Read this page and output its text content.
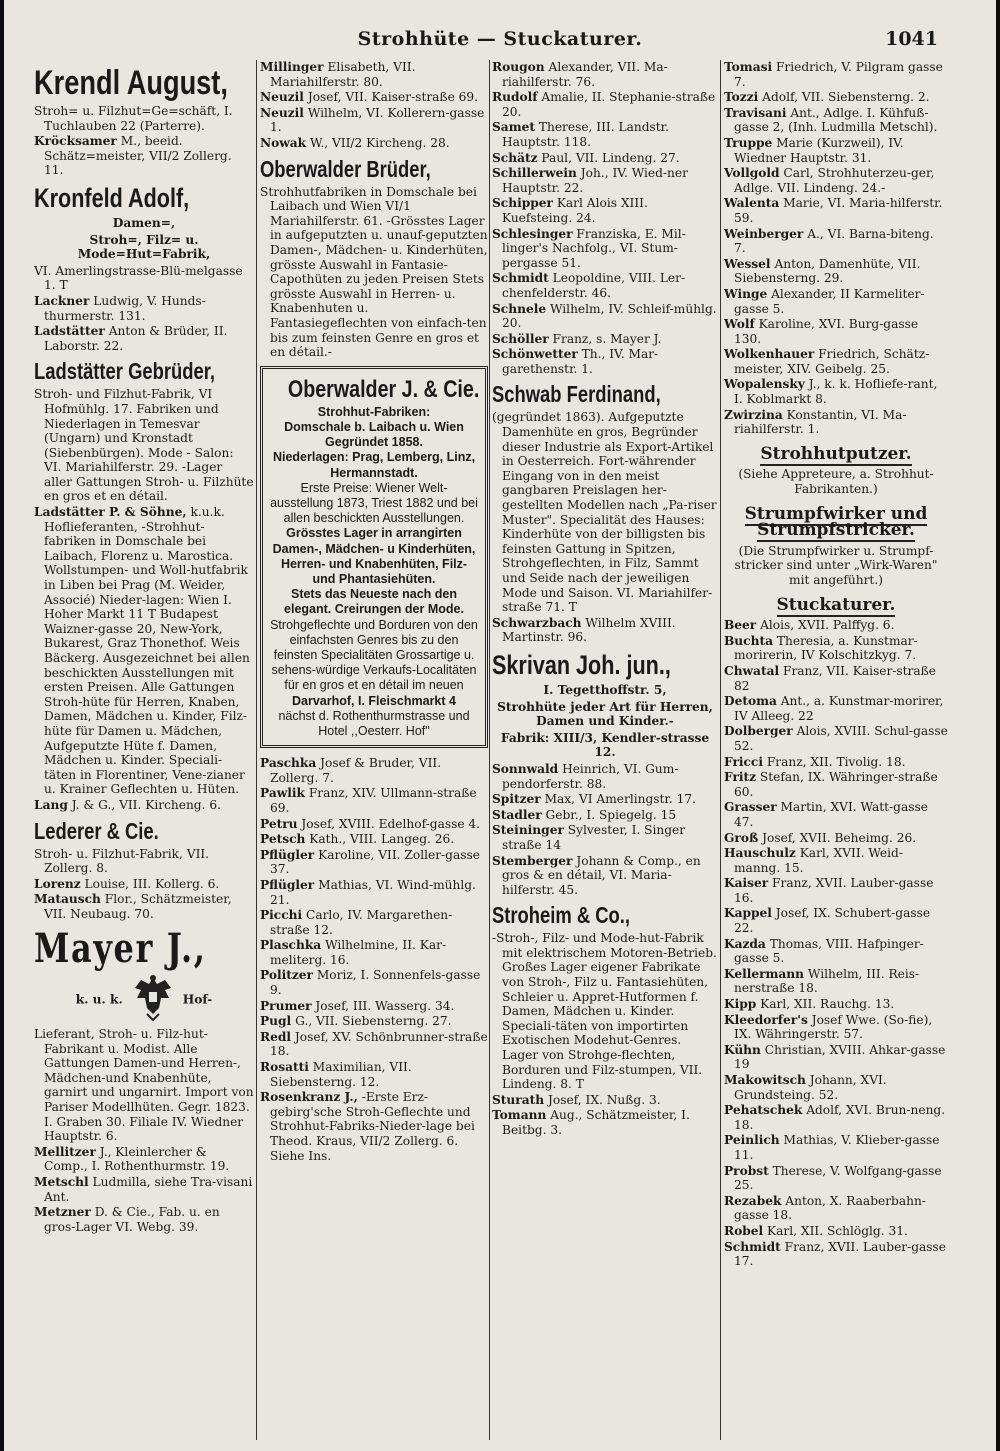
Strohhüte — Stuckaturer.	1041
Krendl August,
Stroh= u. Filzhut=Ge=schäft, I. Tuchlauben 22 (Parterre).
Kröcksamer M., beeid. Schätz=meister, VII/2 Zollerg. 11.
Kronfeld Adolf,
Damen=,
Stroh=, Filz= u. Mode=Hut=Fabrik,
VI. Amerlingstrasse-Blü-melgasse 1. T
Lackner Ludwig, V. Hunds-thurmerstr. 131.
Ladstätter Anton & Brüder, II. Laborstr. 22.
Ladstätter Gebrüder,
Stroh- und Filzhut-Fabrik, VI Hofmühlg. 17. Fabriken und Niederlagen in Temesvar (Ungarn) und Kronstadt (Siebenbürgen). Mode - Salon: VI. Mariahilferstr. 29. -Lager aller Gattungen Stroh- u. Filzhüte en gros et en détail.
Ladstätter P. & Söhne, k.u.k. Hoflieferanten, -Strohhut-fabriken in Domschale bei Laibach, Florenz u. Marostica. Wollstumpen- und Woll-hutfabrik in Liben bei Prag (M. Weider, Associé) Nieder-lagen: Wien I. Hoher Markt 11 T Budapest Waizner-gasse 20, New-York, Bukarest, Graz Thonethof. Weis Bäckerg. Ausgezeichnet bei allen beschickten Ausstellungen mit ersten Preisen. Alle Gattungen Stroh-hüte für Herren, Knaben, Damen, Mädchen u. Kinder, Filz-hüte für Damen u. Mädchen, Aufgeputzte Hüte f. Damen, Mädchen u. Kinder. Speciali-täten in Florentiner, Vene-zianer u. Krainer Geflechten u. Hüten.
Lang J. & G., VII. Kircheng. 6.
Lederer & Cie.
Stroh- u. Filzhut-Fabrik, VII. Zollerg. 8.
Lorenz Louise, III. Kollerg. 6.
Matausch Flor., Schätzmeister, VII. Neubaug. 70.
Mayer J.,
k. u. k.	Hof-
Lieferant, Stroh- u. Filz-hut-Fabrikant u. Modist. Alle Gattungen Damen-und Herren-, Mädchen-und Knabenhüte, garnirt und ungarnirt. Import von Pariser Modellhüten. Gegr. 1823. I. Graben 30. Filiale IV. Wiedner Hauptstr. 6.
Mellitzer J., Kleinlercher & Comp., I. Rothenthurmstr. 19.
Metschl Ludmilla, siehe Tra-visani Ant.
Metzner D. & Cie., Fab. u. en gros-Lager VI. Webg. 39.
Millinger Elisabeth, VII. Mariahilferstr. 80.
Neuzil Josef, VII. Kaiser-straße 69.
Neuzil Wilhelm, VI. Kollerern-gasse 1.
Nowak W., VII/2 Kircheng. 28.
Oberwalder Brüder,
Strohhutfabriken in Domschale bei Laibach und Wien VI/1 Mariahilferstr. 61. -Grösstes Lager in aufgeputzten u. unauf-geputzten Damen-, Mädchen- u. Kinderhüten, grösste Auswahl in Fantasie-Capothüten zu jeden Preisen Stets grösste Auswahl in Herren- u. Knabenhuten u. Fantasiegeflechten von einfach-ten bis zum feinsten Genre en gros et en détail.-
Oberwalder J. & Cie.
Strohhut-Fabriken:
Domschale b. Laibach u. Wien
Gegründet 1858.
Niederlagen: Prag, Lemberg, Linz, Hermannstadt.
Erste Preise: Wiener Welt-ausstellung 1873, Triest 1882 und bei allen beschickten Ausstellungen.
Grösstes Lager in arrangirten Damen-, Mädchen- u Kinderhüten, Herren- und Knabenhüten, Filz- und Phantasiehüten.
Stets das Neueste nach den elegant. Creirungen der Mode.
Strohgeflechte und Borduren von den einfachsten Genres bis zu den feinsten Specialitäten Grossartige u. sehens-würdige Verkaufs-Localitäten für en gros et en détail im neuen
Darvarhof, I. Fleischmarkt 4
nächst d. Rothenthurmstrasse und Hotel ,,Oesterr. Hof"
Paschka Josef & Bruder, VII. Zollerg. 7.
Pawlik Franz, XIV. Ullmann-straße 69.
Petru Josef, XVIII. Edelhof-gasse 4.
Petsch Kath., VIII. Langeg. 26.
Pflügler Karoline, VII. Zoller-gasse 37.
Pflügler Mathias, VI. Wind-mühlg. 21.
Picchi Carlo, IV. Margarethen-straße 12.
Plaschka Wilhelmine, II. Kar-meliterg. 16.
Politzer Moriz, I. Sonnenfels-gasse 9.
Prumer Josef, III. Wasserg. 34.
Pugl G., VII. Siebensterng. 27.
Redl Josef, XV. Schönbrunner-straße 18.
Rosatti Maximilian, VII. Siebensterng. 12.
Rosenkranz J., -Erste Erz-gebirg'sche Stroh-Geflechte und Strohhut-Fabriks-Nieder-lage bei Theod. Kraus, VII/2 Zollerg. 6. Siehe Ins.
Rougon Alexander, VII. Ma-riahilferstr. 76.
Rudolf Amalie, II. Stephanie-straße 20.
Samet Therese, III. Landstr. Hauptstr. 118.
Schätz Paul, VII. Lindeng. 27.
Schillerwein Joh., IV. Wied-ner Hauptstr. 22.
Schipper Karl Alois XIII. Kuefsteing. 24.
Schlesinger Franziska, E. Mil-linger's Nachfolg., VI. Stum-pergasse 51.
Schmidt Leopoldine, VIII. Ler-chenfelderstr. 46.
Schnele Wilhelm, IV. Schleif-mühlg. 20.
Schöller Franz, s. Mayer J.
Schönwetter Th., IV. Mar-garethenstr. 1.
Schwab Ferdinand,
(gegründet 1863). Aufgeputzte Damenhüte en gros, Begründer dieser Industrie als Export-Artikel in Oesterreich. Fort-währender Eingang von in den meist gangbaren Preislagen her-gestellten Modellen nach „Pa-riser Muster". Specialität des Hauses: Kinderhüte von der billigsten bis feinsten Gattung in Spitzen, Strohgeflechten, in Filz, Sammt und Seide nach der jeweiligen Mode und Saison. VI. Mariahilfer-straße 71. T
Schwarzbach Wilhelm XVIII. Martinstr. 96.
Skrivan Joh. jun.,
I. Tegetthoffstr. 5,
Strohhüte jeder Art für Herren, Damen und Kinder.-
Fabrik: XIII/3, Kendler-strasse 12.
Sonnwald Heinrich, VI. Gum-pendorferstr. 88.
Spitzer Max, VI Amerlingstr. 17.
Stadler Gebr., I. Spiegelg. 15
Steininger Sylvester, I. Singer straße 14
Stemberger Johann & Comp., en gros & en détail, VI. Maria-hilferstr. 45.
Stroheim & Co.,
-Stroh-, Filz- und Mode-hut-Fabrik mit elektrischem Motoren-Betrieb. Großes Lager eigener Fabrikate von Stroh-, Filz u. Fantasiehüten, Schleier u. Appret-Hutformen f. Damen, Mädchen u. Kinder. Speciali-täten von importirten Exotischen Modehut-Genres. Lager von Strohge-flechten, Borduren und Filz-stumpen, VII. Lindeng. 8. T
Sturath Josef, IX. Nußg. 3.
Tomann Aug., Schätzmeister, I. Beitbg. 3.
Tomasi Friedrich, V. Pilgram gasse 7.
Tozzi Adolf, VII. Siebensterng. 2.
Travisani Ant., Adlge. I. Kühfuß-gasse 2, (Inh. Ludmilla Metschl).
Truppe Marie (Kurzweil), IV. Wiedner Hauptstr. 31.
Vollgold Carl, Strohhuterzeu-ger, Adlge. VII. Lindeng. 24.-
Walenta Marie, VI. Maria-hilferstr. 59.
Weinberger A., VI. Barna-biteng. 7.
Wessel Anton, Damenhüte, VII. Siebensterng. 29.
Winge Alexander, II Karmeliter-gasse 5.
Wolf Karoline, XVI. Burg-gasse 130.
Wolkenhauer Friedrich, Schätz-meister, XIV. Geibelg. 25.
Wopalensky J., k. k. Hofliefe-rant, I. Koblmarkt 8.
Zwirzina Konstantin, VI. Ma-riahilferstr. 1.
Strohhutputzer.
(Siehe Appreteure, a. Strohhut-Fabrikanten.)
Strumpfwirker und
Strumpfstricker.
(Die Strumpfwirker u. Strumpf-stricker sind unter „Wirk-Waren" mit angeführt.)
Stuckaturer.
Beer Alois, XVII. Palffyg. 6.
Buchta Theresia, a. Kunstmar-morirerin, IV Kolschitzkyg. 7.
Chwatal Franz, VII. Kaiser-straße 82
Detoma Ant., a. Kunstmar-morirer, IV Alleeg. 22
Dolberger Alois, XVIII. Schul-gasse 52.
Fricci Franz, XII. Tivolig. 18.
Fritz Stefan, IX. Währinger-straße 60.
Grasser Martin, XVI. Watt-gasse 47.
Groß Josef, XVII. Beheimg. 26.
Hauschulz Karl, XVII. Weid-manng. 15.
Kaiser Franz, XVII. Lauber-gasse 16.
Kappel Josef, IX. Schubert-gasse 22.
Kazda Thomas, VIII. Hafpinger-gasse 5.
Kellermann Wilhelm, III. Reis-nerstraße 18.
Kipp Karl, XII. Rauchg. 13.
Kleedorfer's Josef Wwe. (So-fie), IX. Währingerstr. 57.
Kühn Christian, XVIII. Ahkar-gasse 19
Makowitsch Johann, XVI. Grundsteing. 52.
Pehatschek Adolf, XVI. Brun-neng. 18.
Peinlich Mathias, V. Klieber-gasse 11.
Probst Therese, V. Wolfgang-gasse 25.
Rezabek Anton, X. Raaberbahn-gasse 18.
Robel Karl, XII. Schlöglg. 31.
Schmidt Franz, XVII. Lauber-gasse 17.
